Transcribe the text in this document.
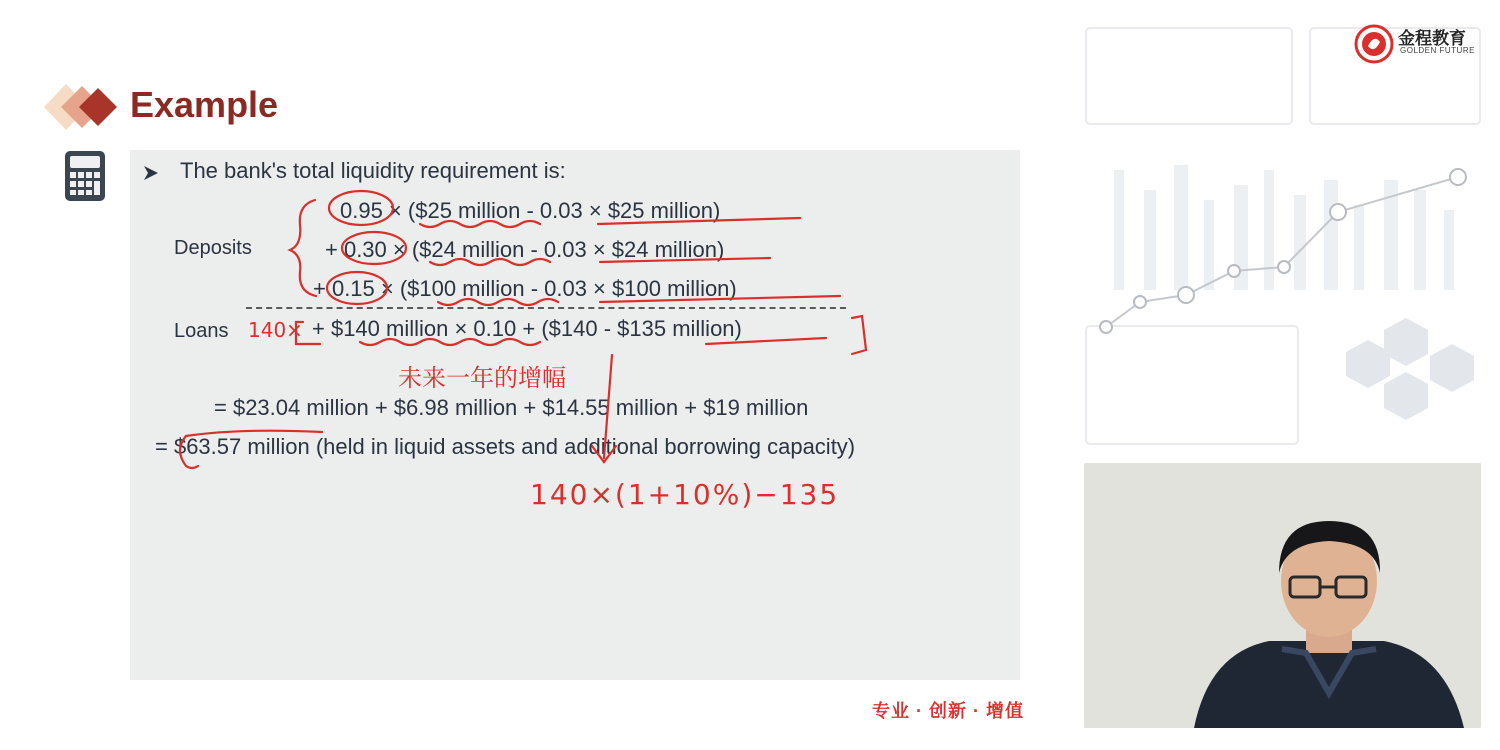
Example
The bank's total liquidity requirement is:
Deposits
Loans
0.95 × ($25 million - 0.03 × $25 million)
+ 0.30 × ($24 million - 0.03 × $24 million)
+ 0.15 × ($100 million - 0.03 × $100 million)
+ $140 million × 0.10 + ($140 - $135 million)
= $23.04 million + $6.98 million + $14.55 million + $19 million
= $63.57 million (held in liquid assets and additional borrowing capacity)
140×
未来一年的增幅
140×(1+10%)−135
金程教育
GOLDEN FUTURE
专业 · 创新 · 增值
